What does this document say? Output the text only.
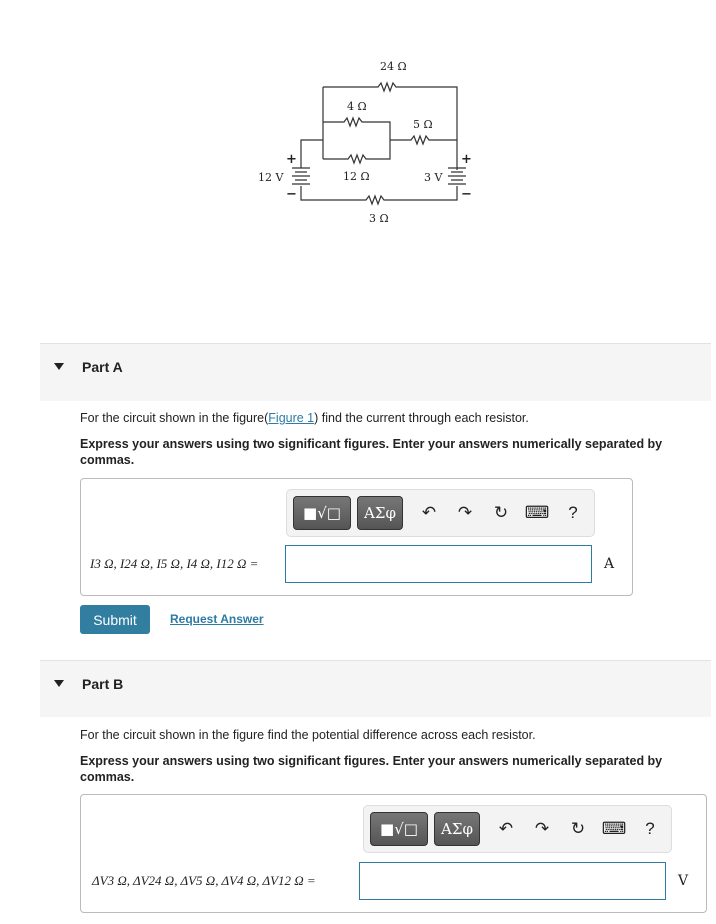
24 Ω
4 Ω
5 Ω
12 Ω
3 Ω
12 V	3 V
+
−
+
−
Part A
For the circuit shown in the figure(Figure 1) find the current through each resistor.
Express your answers using two significant figures. Enter your answers numerically separated by commas.
■√□	ΑΣφ	↶	↷	↻ ⌨	?
I3 Ω, I24 Ω, I5 Ω, I4 Ω, I12 Ω =	A
Submit	Request Answer
Part B
For the circuit shown in the figure find the potential difference across each resistor.
Express your answers using two significant figures. Enter your answers numerically separated by commas.
■√□	ΑΣφ	↶	↷	↻ ⌨	?
ΔV3 Ω, ΔV24 Ω, ΔV5 Ω, ΔV4 Ω, ΔV12 Ω =	V
